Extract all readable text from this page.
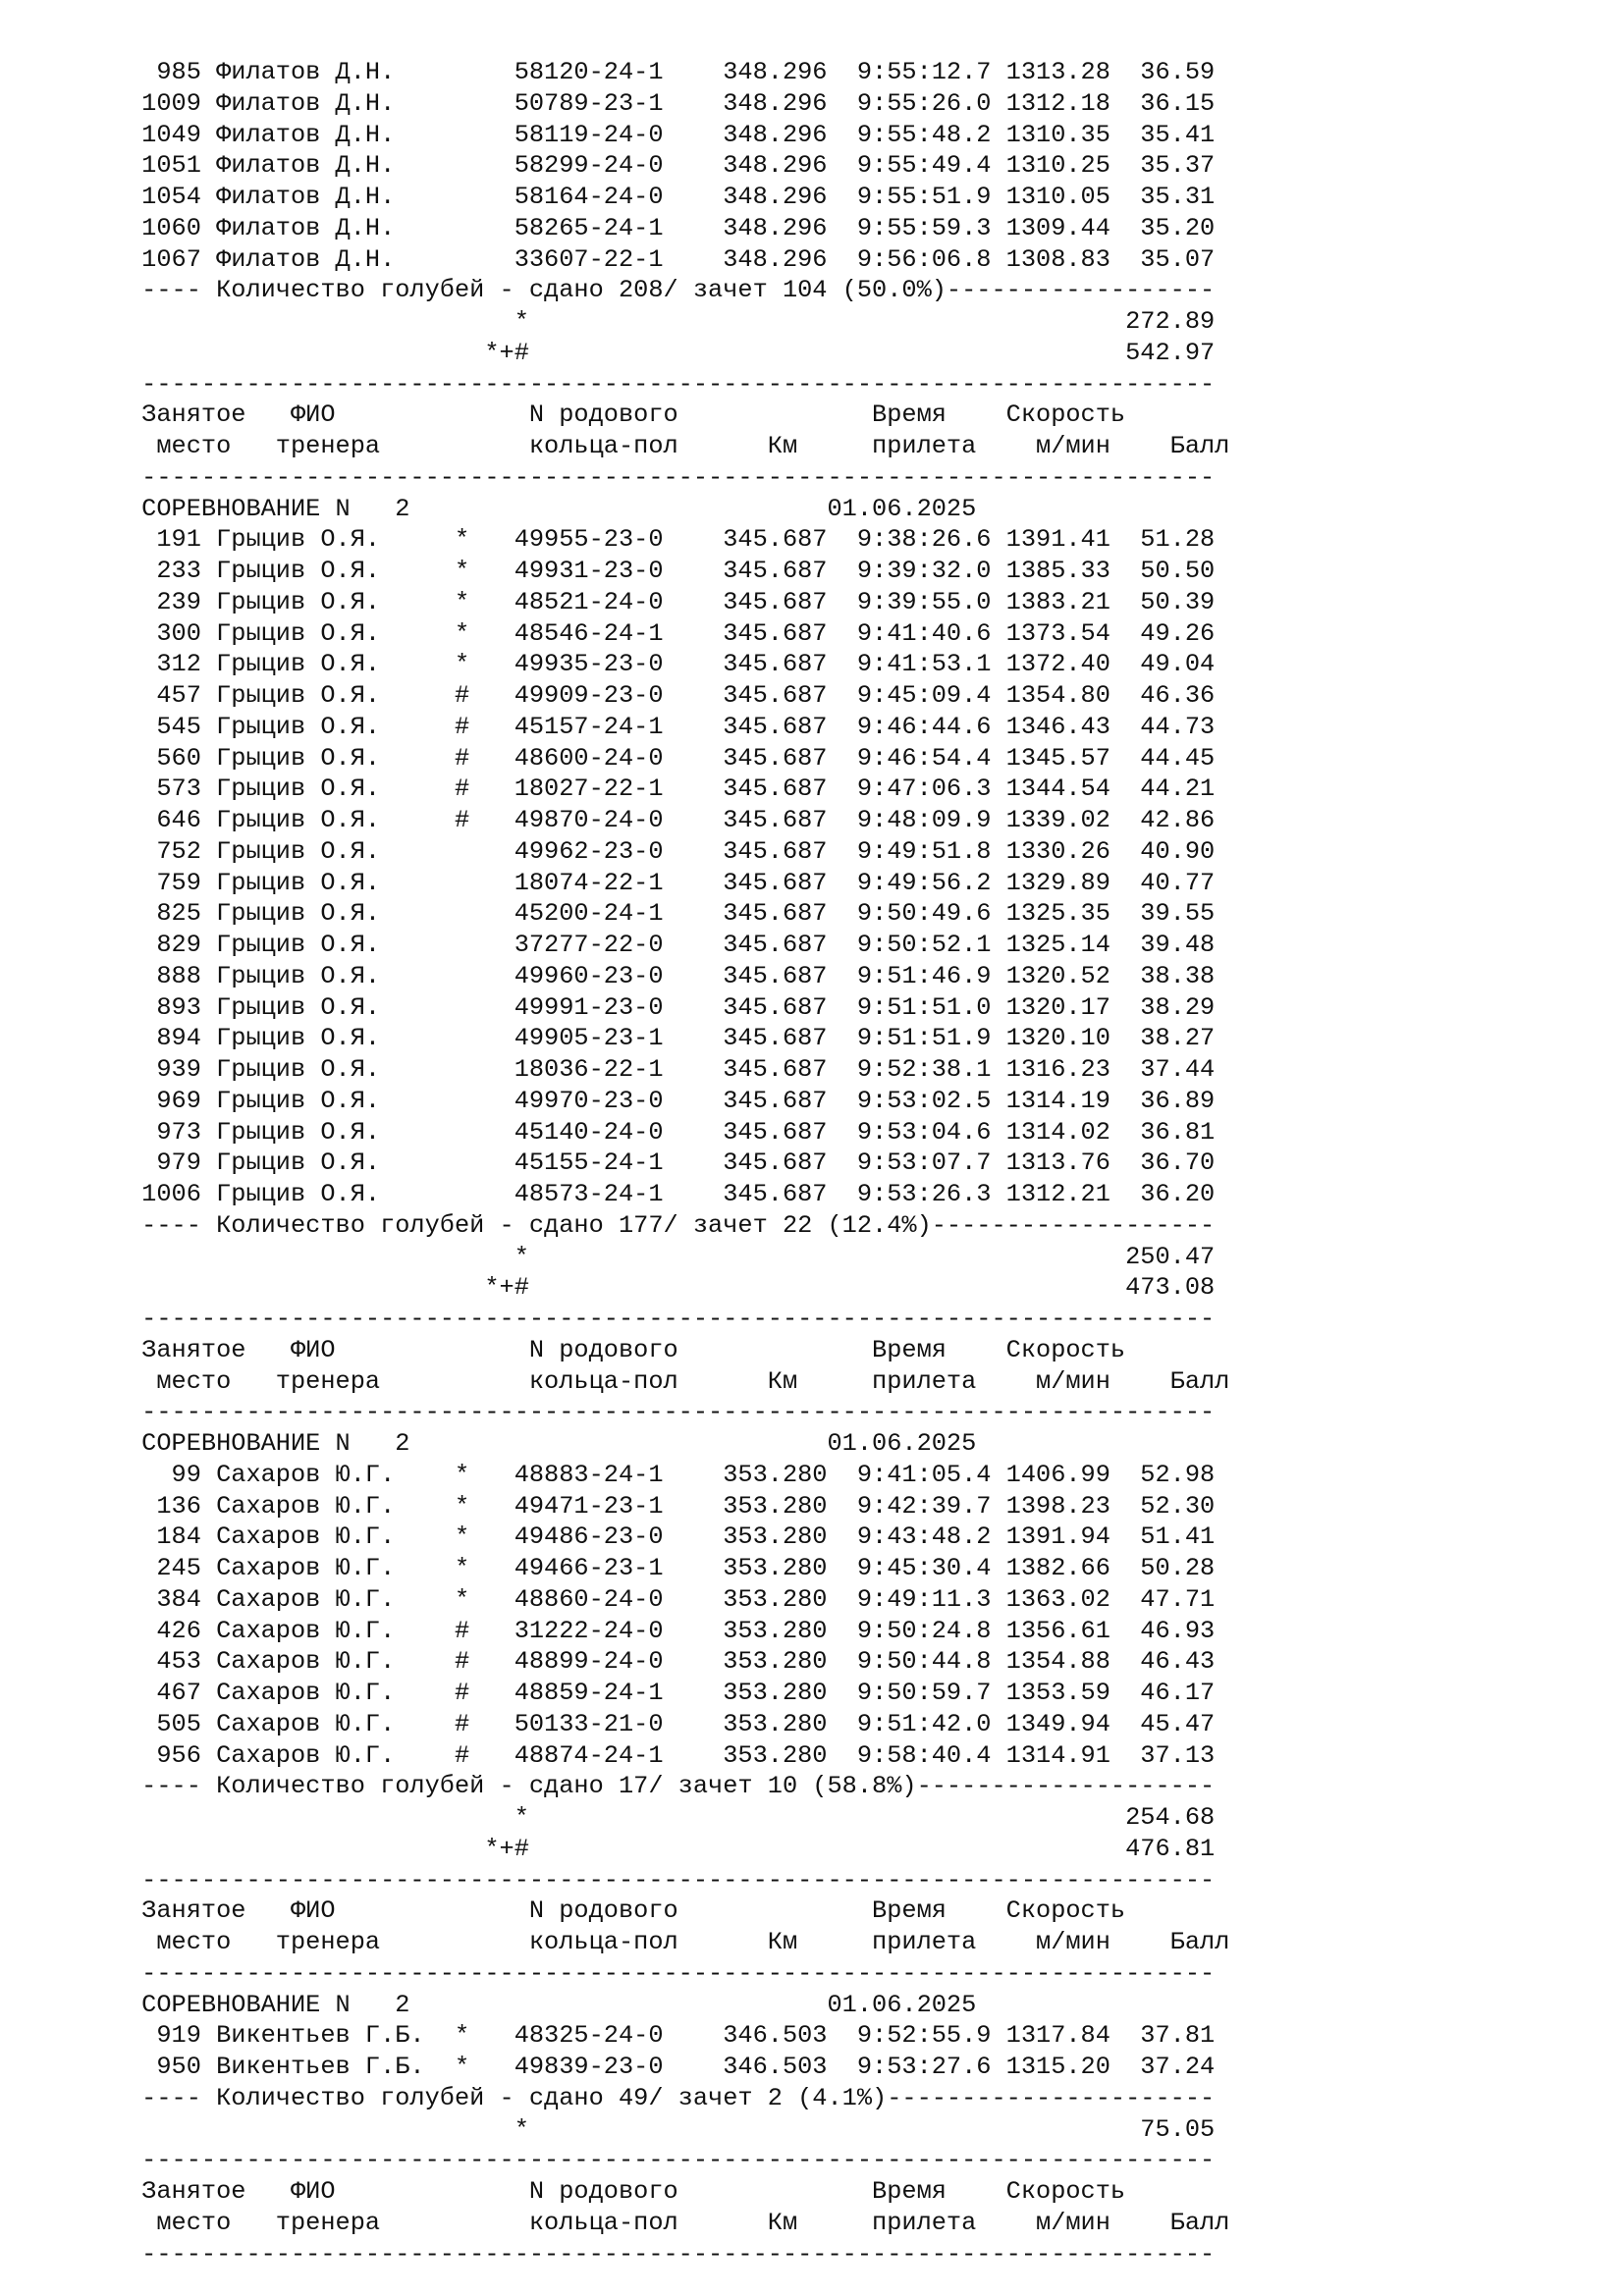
985 Филатов Д.Н.        58120-24-1    348.296  9:55:12.7 1313.28  36.59
1009 Филатов Д.Н.        50789-23-1    348.296  9:55:26.0 1312.18  36.15
1049 Филатов Д.Н.        58119-24-0    348.296  9:55:48.2 1310.35  35.41
1051 Филатов Д.Н.        58299-24-0    348.296  9:55:49.4 1310.25  35.37
1054 Филатов Д.Н.        58164-24-0    348.296  9:55:51.9 1310.05  35.31
1060 Филатов Д.Н.        58265-24-1    348.296  9:55:59.3 1309.44  35.20
1067 Филатов Д.Н.        33607-22-1    348.296  9:56:06.8 1308.83  35.07
---- Количество голубей - сдано 208/ зачет 104 (50.0%)------------------
*                                        272.89
*+#                                        542.97
------------------------------------------------------------------------
Занятое   ФИО             N родового             Время    Скорость
место   тренера          кольца-пол      Км     прилета    м/мин    Балл
------------------------------------------------------------------------
СОРЕВНОВАНИЕ N   2                            01.06.2025
191 Грыцив О.Я.     *   49955-23-0    345.687  9:38:26.6 1391.41  51.28
233 Грыцив О.Я.     *   49931-23-0    345.687  9:39:32.0 1385.33  50.50
239 Грыцив О.Я.     *   48521-24-0    345.687  9:39:55.0 1383.21  50.39
300 Грыцив О.Я.     *   48546-24-1    345.687  9:41:40.6 1373.54  49.26
312 Грыцив О.Я.     *   49935-23-0    345.687  9:41:53.1 1372.40  49.04
457 Грыцив О.Я.     #   49909-23-0    345.687  9:45:09.4 1354.80  46.36
545 Грыцив О.Я.     #   45157-24-1    345.687  9:46:44.6 1346.43  44.73
560 Грыцив О.Я.     #   48600-24-0    345.687  9:46:54.4 1345.57  44.45
573 Грыцив О.Я.     #   18027-22-1    345.687  9:47:06.3 1344.54  44.21
646 Грыцив О.Я.     #   49870-24-0    345.687  9:48:09.9 1339.02  42.86
752 Грыцив О.Я.         49962-23-0    345.687  9:49:51.8 1330.26  40.90
759 Грыцив О.Я.         18074-22-1    345.687  9:49:56.2 1329.89  40.77
825 Грыцив О.Я.         45200-24-1    345.687  9:50:49.6 1325.35  39.55
829 Грыцив О.Я.         37277-22-0    345.687  9:50:52.1 1325.14  39.48
888 Грыцив О.Я.         49960-23-0    345.687  9:51:46.9 1320.52  38.38
893 Грыцив О.Я.         49991-23-0    345.687  9:51:51.0 1320.17  38.29
894 Грыцив О.Я.         49905-23-1    345.687  9:51:51.9 1320.10  38.27
939 Грыцив О.Я.         18036-22-1    345.687  9:52:38.1 1316.23  37.44
969 Грыцив О.Я.         49970-23-0    345.687  9:53:02.5 1314.19  36.89
973 Грыцив О.Я.         45140-24-0    345.687  9:53:04.6 1314.02  36.81
979 Грыцив О.Я.         45155-24-1    345.687  9:53:07.7 1313.76  36.70
1006 Грыцив О.Я.         48573-24-1    345.687  9:53:26.3 1312.21  36.20
---- Количество голубей - сдано 177/ зачет 22 (12.4%)-------------------
*                                        250.47
*+#                                        473.08
------------------------------------------------------------------------
Занятое   ФИО             N родового             Время    Скорость
место   тренера          кольца-пол      Км     прилета    м/мин    Балл
------------------------------------------------------------------------
СОРЕВНОВАНИЕ N   2                            01.06.2025
99 Сахаров Ю.Г.    *   48883-24-1    353.280  9:41:05.4 1406.99  52.98
136 Сахаров Ю.Г.    *   49471-23-1    353.280  9:42:39.7 1398.23  52.30
184 Сахаров Ю.Г.    *   49486-23-0    353.280  9:43:48.2 1391.94  51.41
245 Сахаров Ю.Г.    *   49466-23-1    353.280  9:45:30.4 1382.66  50.28
384 Сахаров Ю.Г.    *   48860-24-0    353.280  9:49:11.3 1363.02  47.71
426 Сахаров Ю.Г.    #   31222-24-0    353.280  9:50:24.8 1356.61  46.93
453 Сахаров Ю.Г.    #   48899-24-0    353.280  9:50:44.8 1354.88  46.43
467 Сахаров Ю.Г.    #   48859-24-1    353.280  9:50:59.7 1353.59  46.17
505 Сахаров Ю.Г.    #   50133-21-0    353.280  9:51:42.0 1349.94  45.47
956 Сахаров Ю.Г.    #   48874-24-1    353.280  9:58:40.4 1314.91  37.13
---- Количество голубей - сдано 17/ зачет 10 (58.8%)--------------------
*                                        254.68
*+#                                        476.81
------------------------------------------------------------------------
Занятое   ФИО             N родового             Время    Скорость
место   тренера          кольца-пол      Км     прилета    м/мин    Балл
------------------------------------------------------------------------
СОРЕВНОВАНИЕ N   2                            01.06.2025
919 Викентьев Г.Б.  *   48325-24-0    346.503  9:52:55.9 1317.84  37.81
950 Викентьев Г.Б.  *   49839-23-0    346.503  9:53:27.6 1315.20  37.24
---- Количество голубей - сдано 49/ зачет 2 (4.1%)----------------------
*                                         75.05
------------------------------------------------------------------------
Занятое   ФИО             N родового             Время    Скорость
место   тренера          кольца-пол      Км     прилета    м/мин    Балл
------------------------------------------------------------------------
